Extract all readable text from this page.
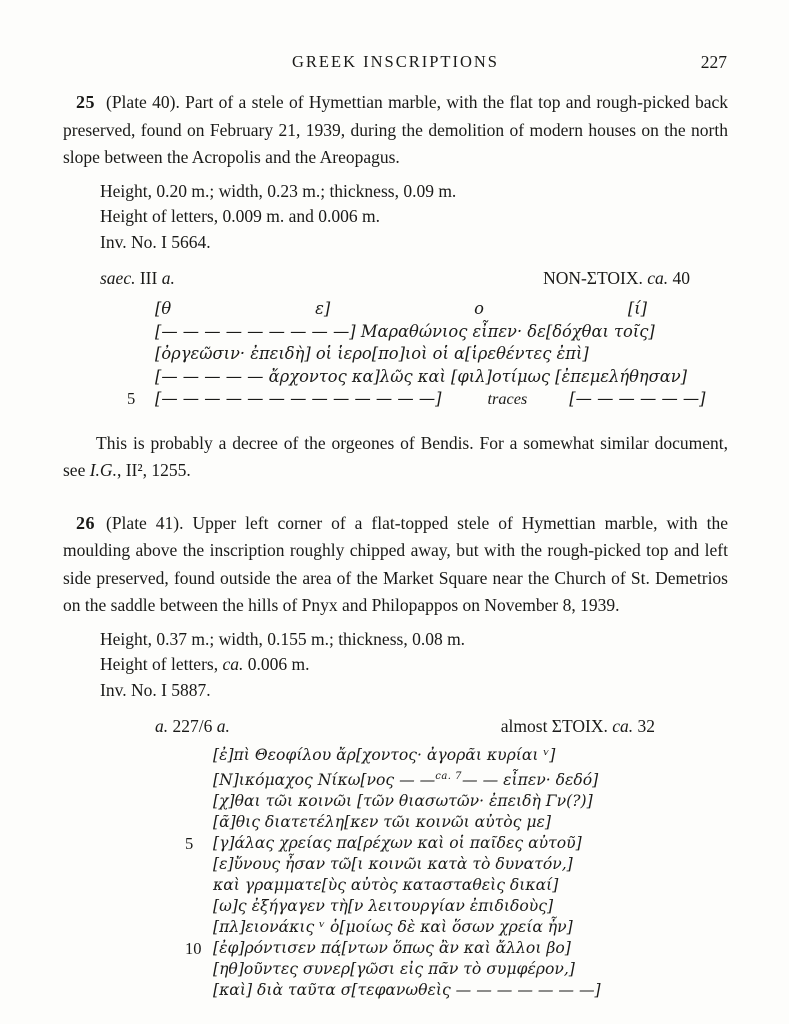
GREEK INSCRIPTIONS	227

25 (Plate 40). Part of a stele of Hymettian marble, with the flat top and rough-picked back preserved, found on February 21, 1939, during the demolition of modern houses on the north slope between the Acropolis and the Areopagus.

Height, 0.20 m.; width, 0.23 m.; thickness, 0.09 m.
Height of letters, 0.009 m. and 0.006 m.
Inv. No. I 5664.
saec. III a.	NON-ΣΤΟΙΧ. ca. 40
[θ	ε]	ο	[ί]
[— — — — — — — — —] Μαραθώνιος εἶπεν· δε[δόχθαι τοῖς]
[ὀργεῶσιν· ἐπειδὴ] οἱ ἱερο[πο]ιοὶ οἱ α[ἱρεθέντες ἐπὶ]
[— — — — — ἄρχοντος κα]λῶς καὶ [φιλ]οτίμως [ἐπεμελήθησαν]
5	[— — — — — — — — — — — — —]	traces	[— — — — — —]

This is probably a decree of the orgeones of Bendis. For a somewhat similar document, see I.G., II², 1255.

26 (Plate 41). Upper left corner of a flat-topped stele of Hymettian marble, with the moulding above the inscription roughly chipped away, but with the rough-picked top and left side preserved, found outside the area of the Market Square near the Church of St. Demetrios on the saddle between the hills of Pnyx and Philopappos on November 8, 1939.

Height, 0.37 m.; width, 0.155 m.; thickness, 0.08 m.
Height of letters, ca. 0.006 m.
Inv. No. I 5887.
a. 227/6 a.	almost ΣΤΟΙΧ. ca. 32
[ἐ]πὶ Θεοφίλου ἄρ[χοντος· ἀγορᾶι κυρίαι ᵛ]
[Ν]ικόμαχος Νίκω[νος — —$^{ca. 7}$— — εἶπεν· δεδό]
[χ]θαι τῶι κοινῶι [τῶν θιασωτῶν· ἐπειδὴ Γν(?)]
[ᾶ]θις διατετέλη[κεν τῶι κοινῶι αὐτὸς με]
5	[γ]άλας χρείας πα[ρέχων καὶ οἱ παῖδες αὐτοῦ]
[ε]ὔνους ἦσαν τῶ[ι κοινῶι κατὰ τὸ δυνατόν,]
καὶ γραμματε[ὺς αὐτὸς κατασταθεὶς δικαί]
[ω]ς ἐξήγαγεν τὴ[ν λειτουργίαν ἐπιδιδοὺς]
[πλ]ειονάκις ᵛ ὁ[μοίως δὲ καὶ ὅσων χρεία ἦν]
10 [ἐφ]ρόντισεν πά̣[ντων ὅπως ἂν καὶ ἄλλοι βο]
[ηθ]οῦντες συνερ[γῶσι εἰς πᾶν τὸ συμφέρον,]
[καὶ] διὰ ταῦτα σ[τεφανωθεὶς — — — — — — —]
